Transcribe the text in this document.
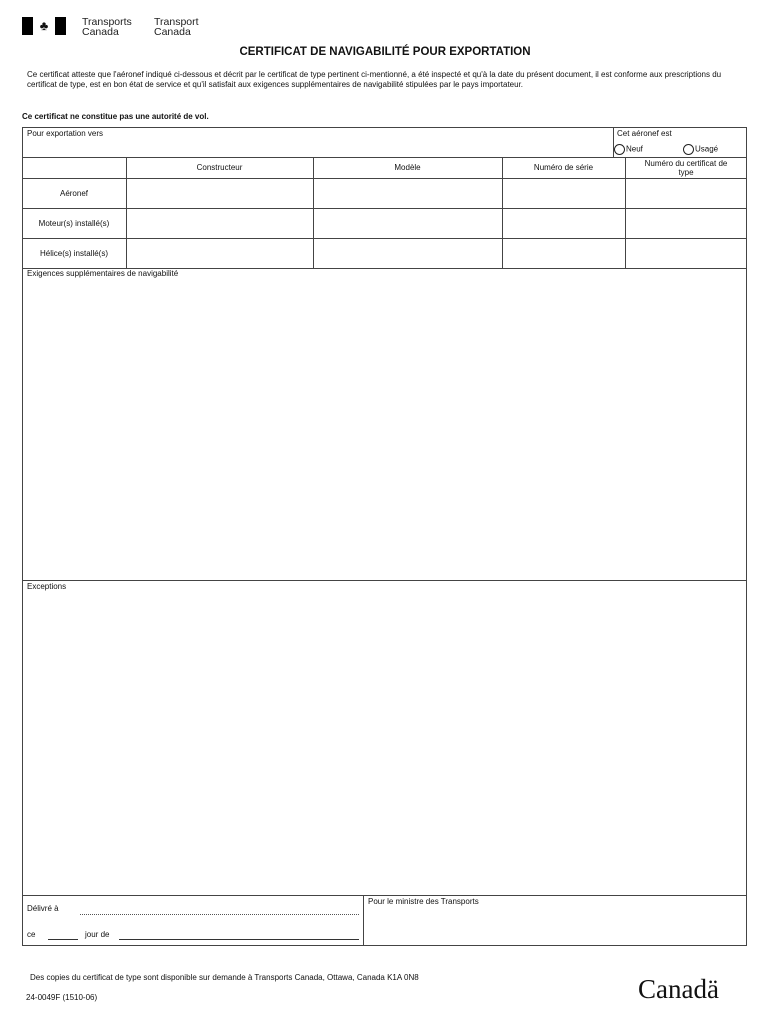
♣	Transports
Canada
Transport
Canada
CERTIFICAT DE NAVIGABILITÉ POUR EXPORTATION
Ce certificat atteste que l'aéronef indiqué ci-dessous et décrit par le certificat de type pertinent ci-mentionné, a été inspecté et qu'à la date du présent document, il est conforme aux prescriptions du certificat de type, est en bon état de service et qu'il satisfait aux exigences supplémentaires de navigabilité stipulées par le pays importateur.
Ce certificat ne constitue pas une autorité de vol.
Pour exportation vers	Cet aéronef est
Neuf	Usagé
Constructeur	Modèle	Numéro de série	Numéro du certificat de type
Aéronef
Moteur(s) installé(s)
Hélice(s) installé(s)
Exigences supplémentaires de navigabilité
Exceptions
Délivré à
ce	jour de
Pour le ministre des Transports
Des copies du certificat de type sont disponible sur demande à Transports Canada, Ottawa, Canada K1A 0N8
24-0049F (1510-06)	Canadä
